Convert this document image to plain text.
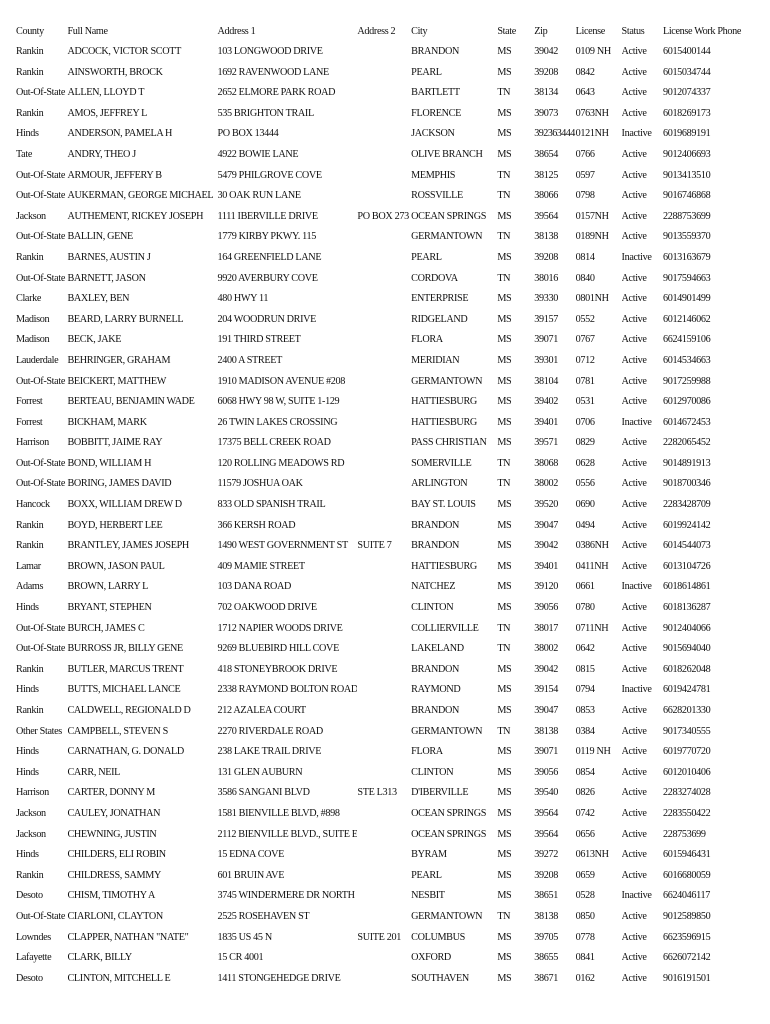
County	Full Name	Address 1	Address 2	City	State	Zip	License	Status	License Work Phone
Rankin	ADCOCK, VICTOR SCOTT	103 LONGWOOD DRIVE		BRANDON	MS	39042	0109 NH	Active	6015400144
Rankin	AINSWORTH, BROCK	1692 RAVENWOOD LANE		PEARL	MS	39208	0842	Active	6015034744
Out-Of-State	ALLEN, LLOYD T	2652 ELMORE PARK ROAD		BARTLETT	TN	38134	0643	Active	9012074337
Rankin	AMOS, JEFFREY L	535 BRIGHTON TRAIL		FLORENCE	MS	39073	0763NH	Active	6018269173
Hinds	ANDERSON, PAMELA H	PO BOX 13444		JACKSON	MS	392363444	0121NH	Inactive	6019689191
Tate	ANDRY, THEO J	4922 BOWIE LANE		OLIVE BRANCH	MS	38654	0766	Active	9012406693
Out-Of-State	ARMOUR, JEFFERY B	5479 PHILGROVE COVE		MEMPHIS	TN	38125	0597	Active	9013413510
Out-Of-State	AUKERMAN, GEORGE MICHAEL	30 OAK RUN LANE		ROSSVILLE	TN	38066	0798	Active	9016746868
Jackson	AUTHEMENT, RICKEY JOSEPH	1111 IBERVILLE DRIVE	PO BOX 273	OCEAN SPRINGS	MS	39564	0157NH	Active	2288753699
Out-Of-State	BALLIN, GENE	1779 KIRBY PKWY. 115		GERMANTOWN	TN	38138	0189NH	Active	9013559370
Rankin	BARNES, AUSTIN J	164 GREENFIELD LANE		PEARL	MS	39208	0814	Inactive	6013163679
Out-Of-State	BARNETT, JASON	9920 AVERBURY COVE		CORDOVA	TN	38016	0840	Active	9017594663
Clarke	BAXLEY, BEN	480 HWY 11		ENTERPRISE	MS	39330	0801NH	Active	6014901499
Madison	BEARD, LARRY BURNELL	204 WOODRUN DRIVE		RIDGELAND	MS	39157	0552	Active	6012146062
Madison	BECK, JAKE	191 THIRD STREET		FLORA	MS	39071	0767	Active	6624159106
Lauderdale	BEHRINGER, GRAHAM	2400 A STREET		MERIDIAN	MS	39301	0712	Active	6014534663
Out-Of-State	BEICKERT, MATTHEW	1910 MADISON AVENUE #208		GERMANTOWN	MS	38104	0781	Active	9017259988
Forrest	BERTEAU, BENJAMIN WADE	6068 HWY 98 W, SUITE 1-129		HATTIESBURG	MS	39402	0531	Active	6012970086
Forrest	BICKHAM, MARK	26 TWIN LAKES CROSSING		HATTIESBURG	MS	39401	0706	Inactive	6014672453
Harrison	BOBBITT, JAIME RAY	17375 BELL CREEK ROAD		PASS CHRISTIAN	MS	39571	0829	Active	2282065452
Out-Of-State	BOND, WILLIAM H	120 ROLLING MEADOWS RD		SOMERVILLE	TN	38068	0628	Active	9014891913
Out-Of-State	BORING, JAMES DAVID	11579 JOSHUA OAK		ARLINGTON	TN	38002	0556	Active	9018700346
Hancock	BOXX, WILLIAM DREW D	833 OLD SPANISH TRAIL		BAY ST. LOUIS	MS	39520	0690	Active	2283428709
Rankin	BOYD, HERBERT LEE	366 KERSH ROAD		BRANDON	MS	39047	0494	Active	6019924142
Rankin	BRANTLEY, JAMES JOSEPH	1490 WEST GOVERNMENT ST	SUITE 7	BRANDON	MS	39042	0386NH	Active	6014544073
Lamar	BROWN, JASON PAUL	409 MAMIE STREET		HATTIESBURG	MS	39401	0411NH	Active	6013104726
Adams	BROWN, LARRY L	103 DANA ROAD		NATCHEZ	MS	39120	0661	Inactive	6018614861
Hinds	BRYANT, STEPHEN	702 OAKWOOD DRIVE		CLINTON	MS	39056	0780	Active	6018136287
Out-Of-State	BURCH, JAMES C	1712 NAPIER WOODS DRIVE		COLLIERVILLE	TN	38017	0711NH	Active	9012404066
Out-Of-State	BURROSS JR, BILLY GENE	9269 BLUEBIRD HILL COVE		LAKELAND	TN	38002	0642	Active	9015694040
Rankin	BUTLER, MARCUS TRENT	418 STONEYBROOK DRIVE		BRANDON	MS	39042	0815	Active	6018262048
Hinds	BUTTS, MICHAEL LANCE	2338 RAYMOND BOLTON ROAD		RAYMOND	MS	39154	0794	Inactive	6019424781
Rankin	CALDWELL, REGIONALD D	212 AZALEA COURT		BRANDON	MS	39047	0853	Active	6628201330
Other States	CAMPBELL, STEVEN S	2270 RIVERDALE ROAD		GERMANTOWN	TN	38138	0384	Active	9017340555
Hinds	CARNATHAN, G. DONALD	238 LAKE TRAIL DRIVE		FLORA	MS	39071	0119 NH	Active	6019770720
Hinds	CARR, NEIL	131 GLEN AUBURN		CLINTON	MS	39056	0854	Active	6012010406
Harrison	CARTER, DONNY M	3586 SANGANI BLVD	STE L313	D'IBERVILLE	MS	39540	0826	Active	2283274028
Jackson	CAULEY, JONATHAN	1581 BIENVILLE BLVD, #898		OCEAN SPRINGS	MS	39564	0742	Active	2283550422
Jackson	CHEWNING, JUSTIN	2112 BIENVILLE BLVD., SUITE E		OCEAN SPRINGS	MS	39564	0656	Active	228753699
Hinds	CHILDERS, ELI ROBIN	15 EDNA COVE		BYRAM	MS	39272	0613NH	Active	6015946431
Rankin	CHILDRESS, SAMMY	601 BRUIN AVE		PEARL	MS	39208	0659	Active	6016680059
Desoto	CHISM, TIMOTHY A	3745 WINDERMERE DR NORTH		NESBIT	MS	38651	0528	Inactive	6624046117
Out-Of-State	CIARLONI, CLAYTON	2525 ROSEHAVEN ST		GERMANTOWN	TN	38138	0850	Active	9012589850
Lowndes	CLAPPER, NATHAN "NATE"	1835 US 45 N	SUITE 201	COLUMBUS	MS	39705	0778	Active	6623596915
Lafayette	CLARK, BILLY	15 CR 4001		OXFORD	MS	38655	0841	Active	6626072142
Desoto	CLINTON, MITCHELL E	1411 STONGEHEDGE DRIVE		SOUTHAVEN	MS	38671	0162	Active	9016191501
